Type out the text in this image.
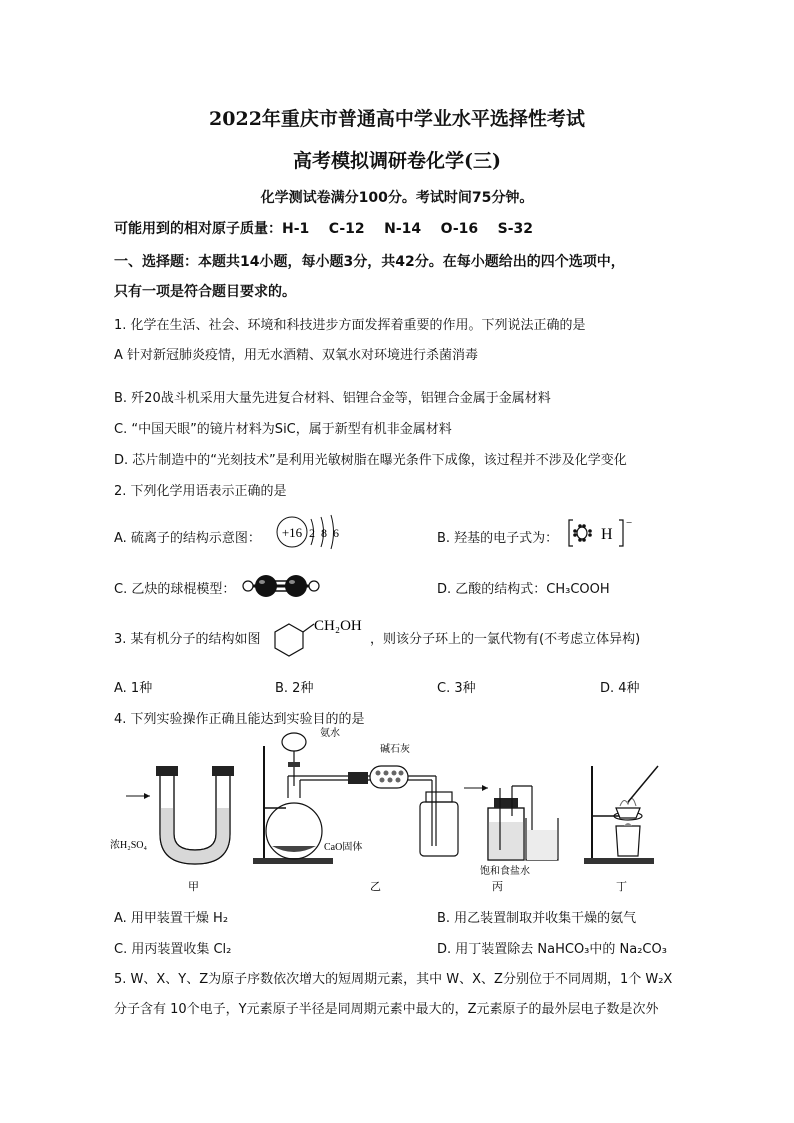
2022年重庆市普通高中学业水平选择性考试
高考模拟调研卷化学(三)
化学测试卷满分100分。考试时间75分钟。
可能用到的相对原子质量：H-1    C-12    N-14    O-16    S-32
一、选择题：本题共14小题，每小题3分，共42分。在每小题给出的四个选项中，
只有一项是符合题目要求的。
1. 化学在生活、社会、环境和科技进步方面发挥着重要的作用。下列说法正确的是
A 针对新冠肺炎疫情，用无水酒精、双氧水对环境进行杀菌消毒
B. 歼20战斗机采用大量先进复合材料、铝锂合金等，铝锂合金属于金属材料
C. “中国天眼”的镜片材料为SiC，属于新型有机非金属材料
D. 芯片制造中的“光刻技术”是利用光敏树脂在曝光条件下成像，该过程并不涉及化学变化
2. 下列化学用语表示正确的是
A. 硫离子的结构示意图： +16 2  8  6	B. 羟基的电子式为：
−
H
C. 乙炔的球棍模型：	D. 乙酸的结构式：CH₃COOH
3. 某有机分子的结构如图
CH₂OH
，则该分子环上的一氯代物有(不考虑立体异构)
A. 1种	B. 2种	C. 3种	D. 4种
4. 下列实验操作正确且能达到实验目的的是
浓H₂SO₄
甲
氨水
碱石灰
CaO固体
乙
饱和食盐水
丙	丁
A. 用甲装置干燥 H₂	B. 用乙装置制取并收集干燥的氨气
C. 用丙装置收集 Cl₂	D. 用丁装置除去 NaHCO₃中的 Na₂CO₃
5. W、X、Y、Z为原子序数依次增大的短周期元素，其中 W、X、Z分别位于不同周期，1个 W₂X
分子含有 10个电子，Y元素原子半径是同周期元素中最大的，Z元素原子的最外层电子数是次外
